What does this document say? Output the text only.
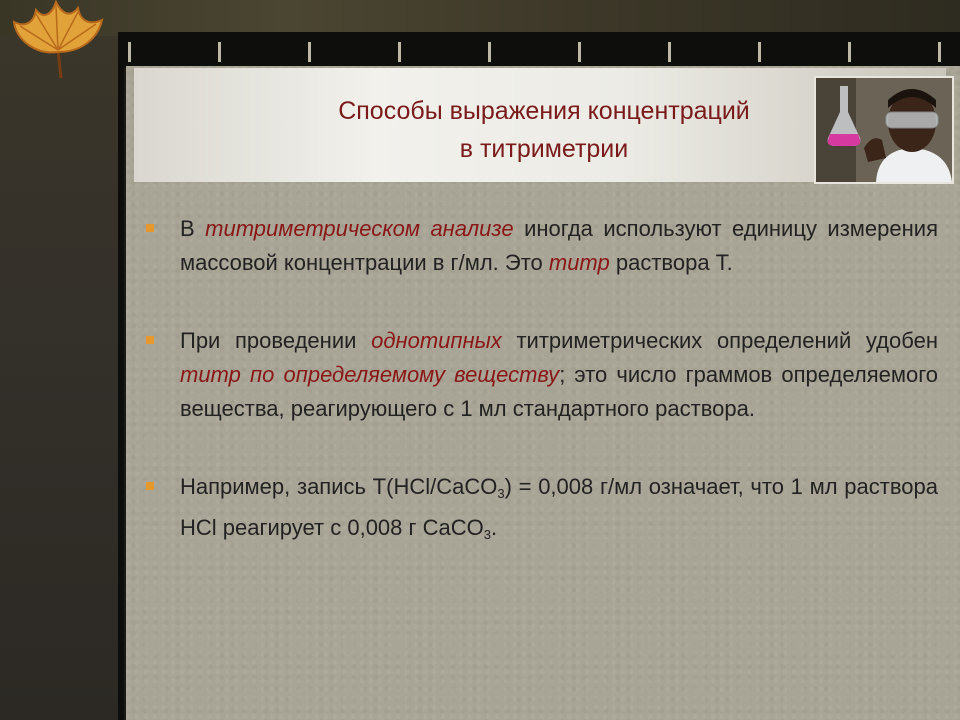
Способы выражения концентраций
в титриметрии
В титриметрическом анализе иногда используют единицу измерения массовой концентрации в г/мл. Это титр раствора Т.
При проведении однотипных титриметрических определений удобен титр по определяемому веществу; это число граммов определяемого вещества, реагирующего с 1 мл стандартного раствора.
Например, запись Т(HCl/CaCO$_3$) = 0,008 г/мл означает, что 1 мл раствора HCl реагирует с 0,008 г CaCO$_3$.
